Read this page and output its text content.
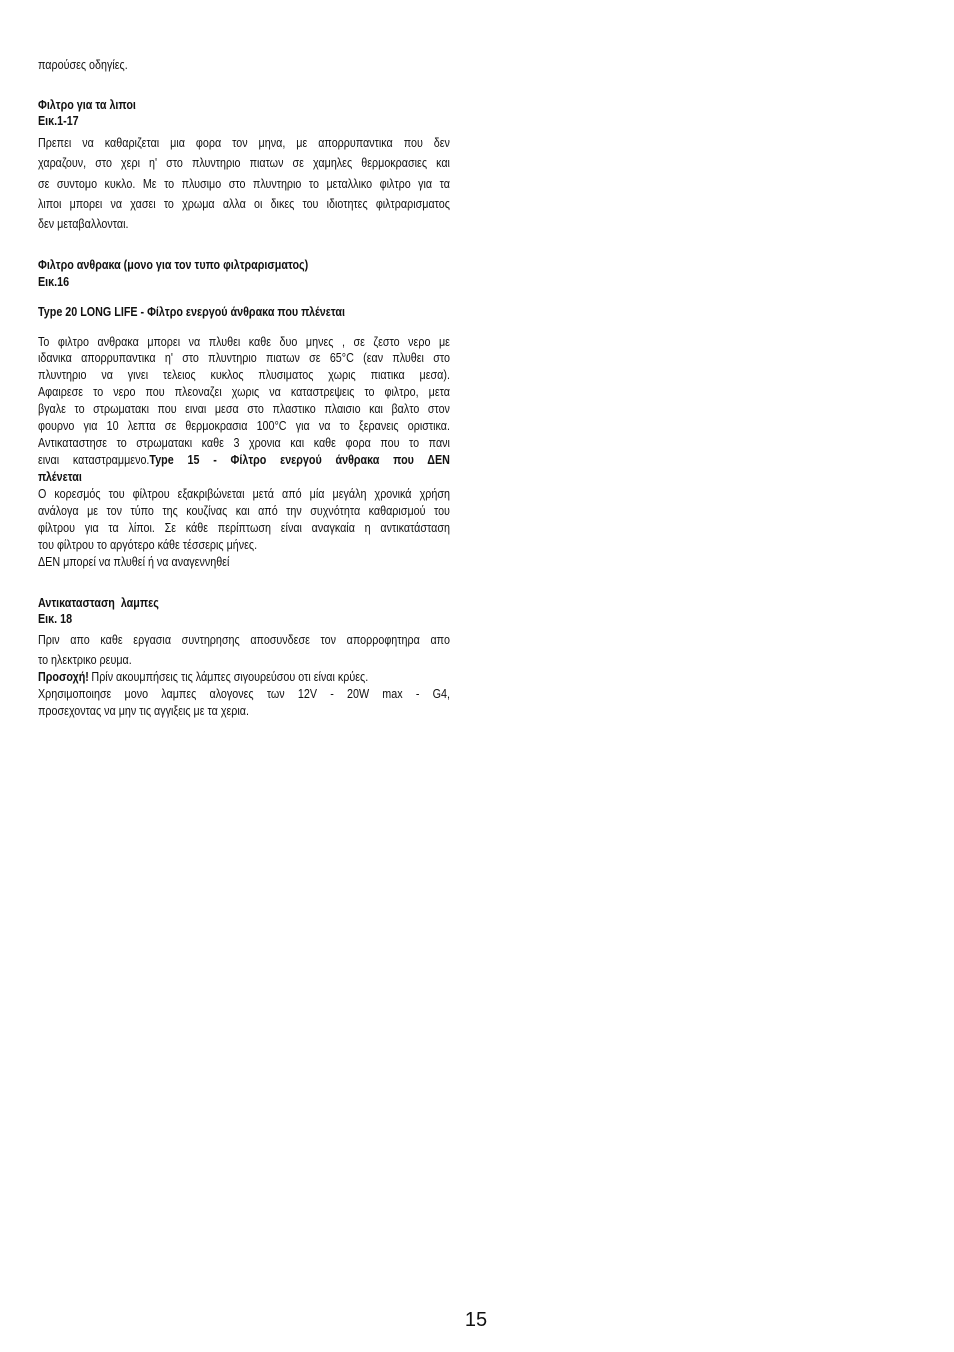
παρούσες οδηγίες.
Φιλτρο για τα λιποι
Εικ.1-17
Πρεπει να καθαριζεται μια φορα τον μηνα, με απορρυπαντικα που δεν
χαραζουν, στο χερι η' στο πλυντηριο πιατων σε χαμηλες θερμοκρασιες και
σε συντομο κυκλο. Με το πλυσιμο στο πλυντηριο το μεταλλικο φιλτρο για τα
λιποι μπορει να χασει το χρωμα αλλα οι δικες του ιδιοτητες φιλτραρισματος
δεν μεταβαλλονται.
Φιλτρο ανθρακα (μονο για τον τυπο φιλτραρισματος)
Εικ.16
Type 20 LONG LIFE - Φίλτρο ενεργού άνθρακα που πλένεται
Το φιλτρο ανθρακα μπορει να πλυθει καθε δυο μηνες , σε ζεστο νερο με
ιδανικα απορρυπαντικα η' στο πλυντηριο πιατων σε 65°C (εαν πλυθει στο
πλυντηριο να γινει τελειος κυκλος πλυσιματος χωρις πιατικα μεσα).
Αφαιρεσε το νερο που πλεοναζει χωρις να καταστρεψεις το φιλτρο, μετα
βγαλε το στρωματακι που ειναι μεσα στο πλαστικο πλαισιο και βαλτο στον
φουρνο για 10 λεπτα σε θερμοκρασια 100°C για να το ξερανεις οριστικα.
Αντικαταστησε το στρωματακι καθε 3 χρονια και καθε φορα που το πανι
ειναι καταστραμμενο.Type 15 - Φίλτρο ενεργού άνθρακα που ΔΕΝ
πλένεται
Ο κορεσμός του φίλτρου εξακριβώνεται μετά από μία μεγάλη χρονικά χρήση
ανάλογα με τον τύπο της κουζίνας και από την συχνότητα καθαρισμού του
φίλτρου για τα λίποι. Σε κάθε περίπτωση είναι αναγκαία η αντικατάσταση
του φίλτρου το αργότερο κάθε τέσσερις μήνες.
ΔΕΝ μπορεί να πλυθεί ή να αναγεννηθεί
Αντικατασταση  λαμπες
Εικ. 18
Πριν απο καθε εργασια συντηρησης αποσυνδεσε τον απορροφητηρα απο
το ηλεκτρικο ρευμα.
Προσοχή! Πρίν ακουμπήσεις τις λάμπες σιγουρεύσου οτι είναι κρύες.
Χρησιμοποιησε μονο λαμπες αλογονες των 12V - 20W max - G4,
προσεχοντας να μην τις αγγιξεις με τα χερια.
15
